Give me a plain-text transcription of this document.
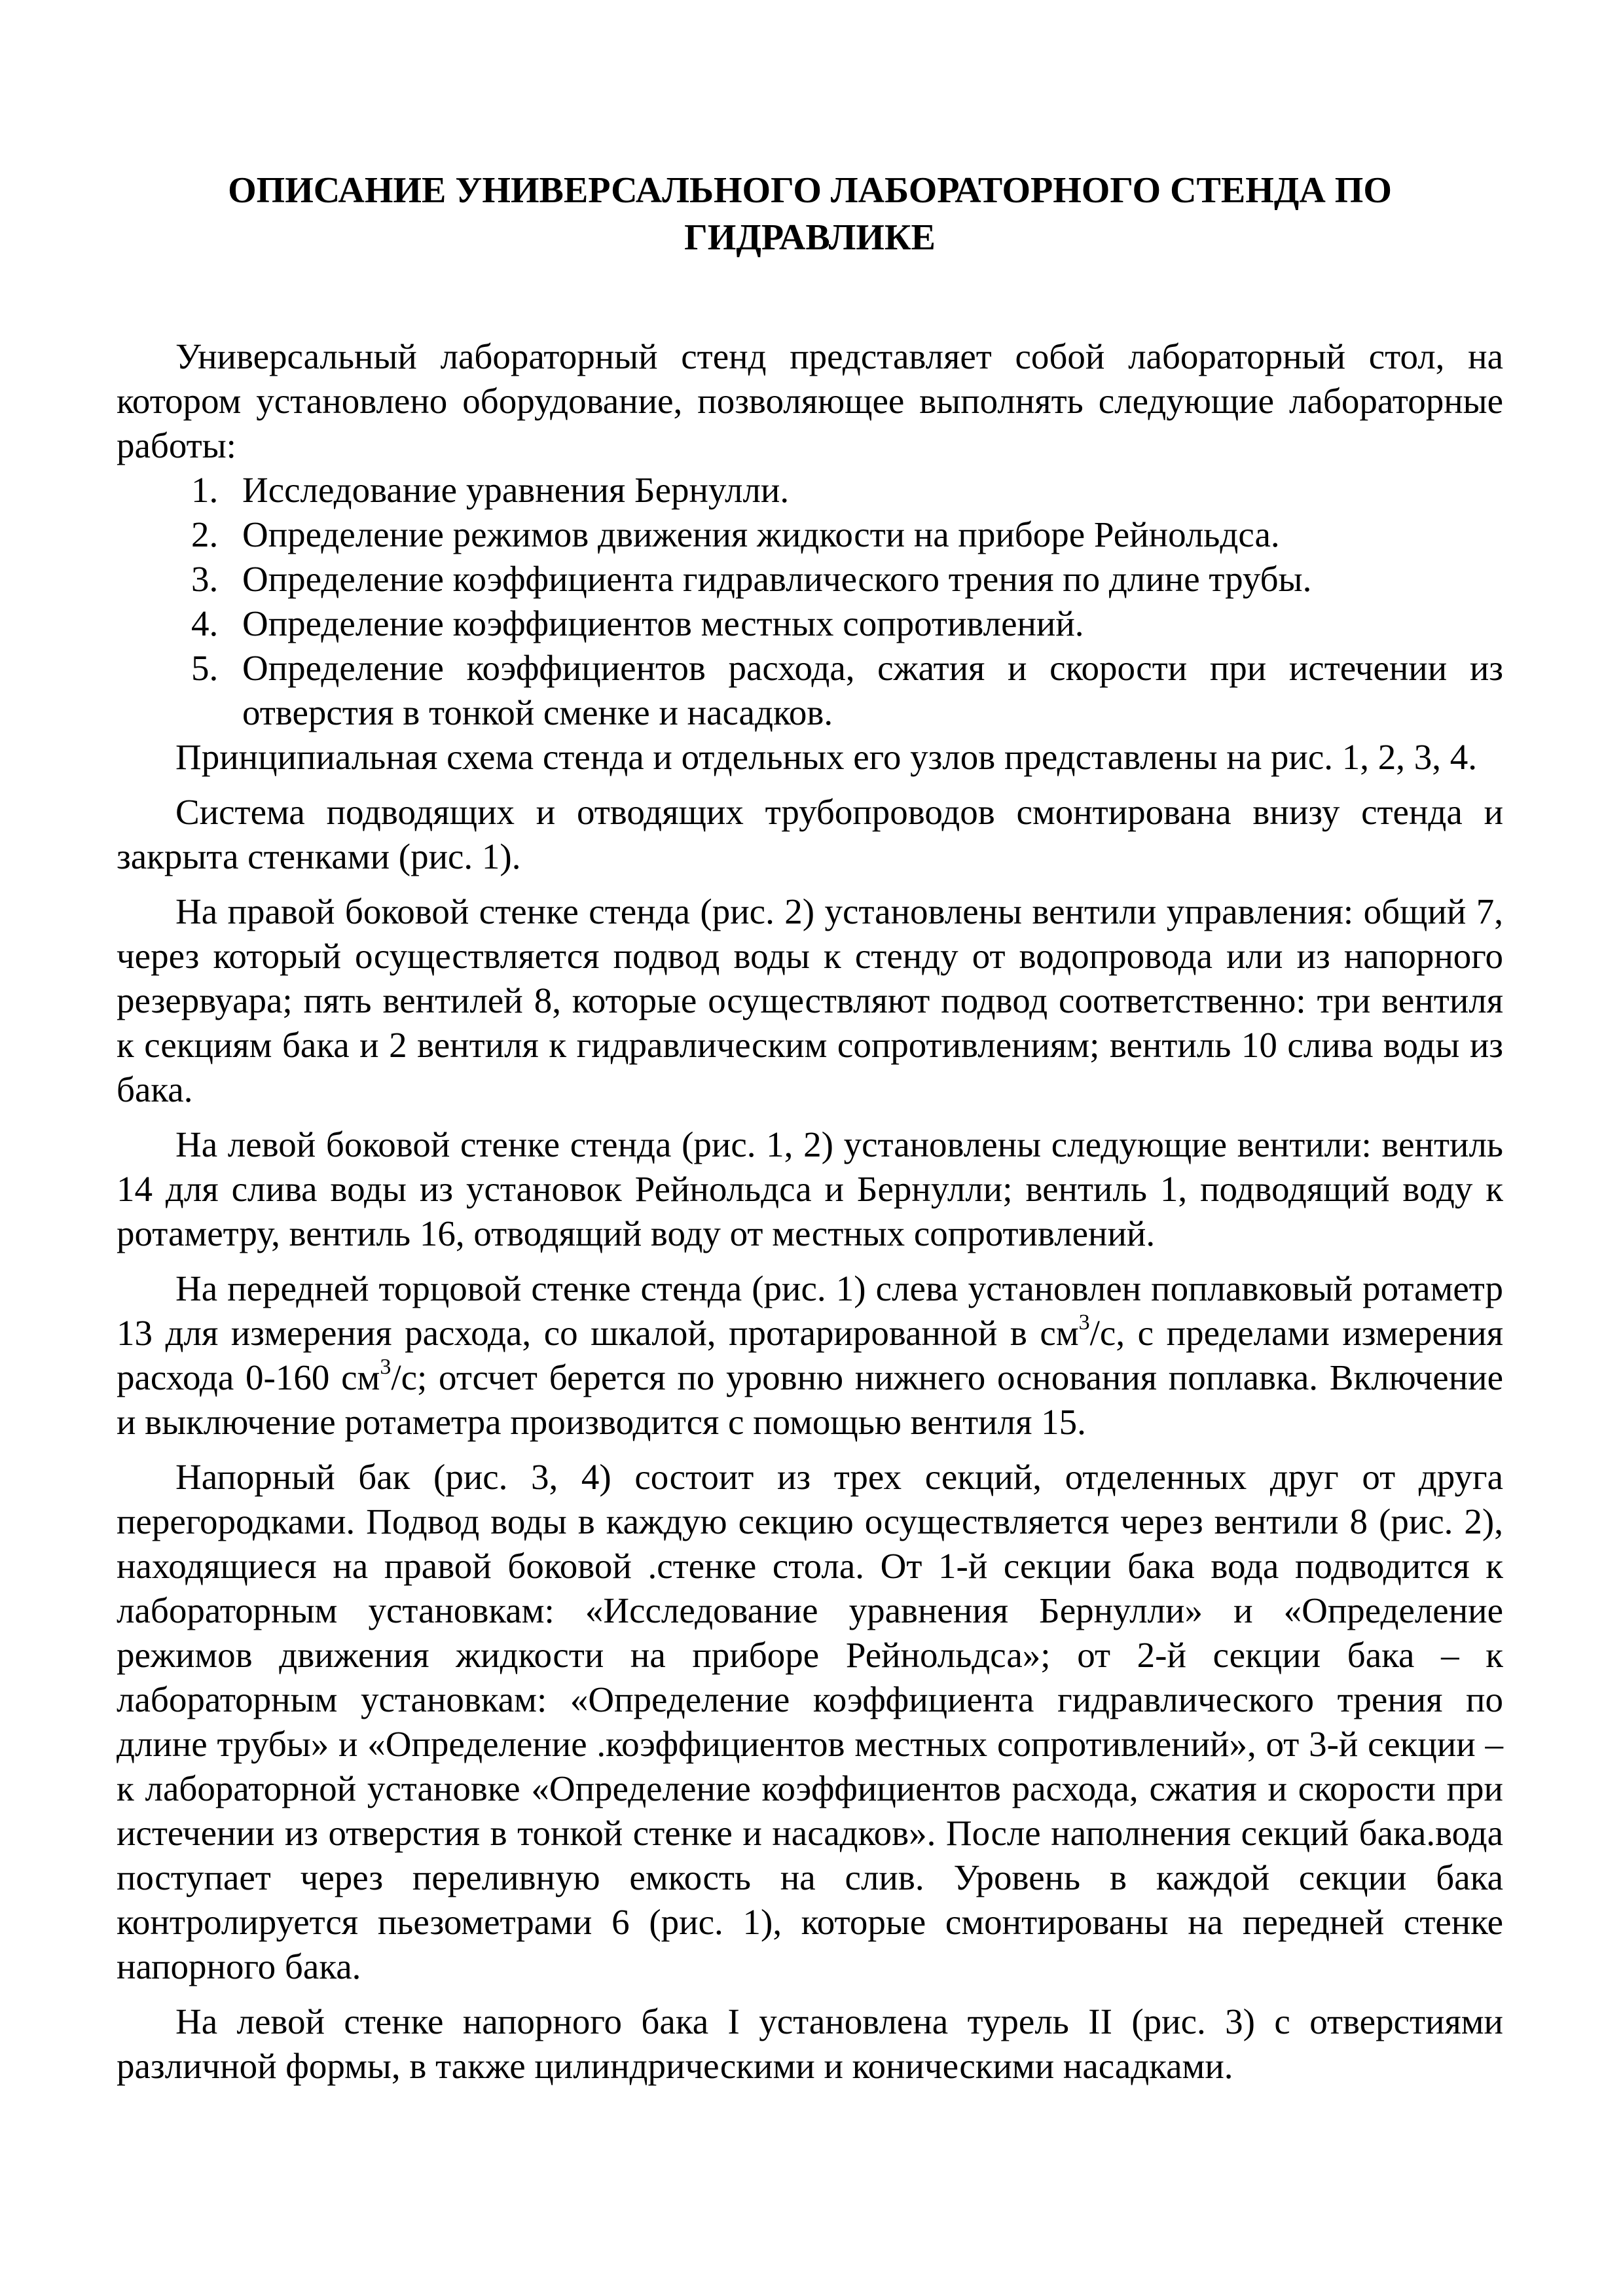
ОПИСАНИЕ УНИВЕРСАЛЬНОГО ЛАБОРАТОРНОГО СТЕНДА ПО
ГИДРАВЛИКЕ

Универсальный лабораторный стенд представляет собой лабораторный стол, на котором установлено оборудование, позволяющее выполнять следующие лабораторные работы:

1. Исследование уравнения Бернулли.
2. Определение режимов движения жидкости на приборе Рейнольдса.
3. Определение коэффициента гидравлического трения по длине трубы.
4. Определение коэффициентов местных сопротивлений.
5. Определение коэффициентов расхода, сжатия и скорости при истечении из отверстия в тонкой сменке и насадков.

Принципиальная схема стенда и отдельных его узлов представлены на рис. 1, 2, 3, 4.

Система подводящих и отводящих трубопроводов смонтирована внизу стенда и закрыта стенками (рис. 1).

На правой боковой стенке стенда (рис. 2) установлены вентили управления: общий 7, через который осуществляется подвод воды к стенду от водопровода или из напорного резервуара; пять вентилей 8, которые осуществляют подвод соответственно: три вентиля к секциям бака и 2 вентиля к гидравлическим сопротивлениям; вентиль 10 слива воды из бака.

На левой боковой стенке стенда (рис. 1, 2) установлены следующие вентили: вентиль 14 для слива воды из установок Рейнольдса и Бернулли; вентиль 1, подводящий воду к ротаметру, вентиль 16, отводящий воду от местных сопротивлений.

На передней торцовой стенке стенда (рис. 1) слева установлен поплавковый ротаметр 13 для измерения расхода, со шкалой, протарированной в $см^3/с$, с пределами измерения расхода 0-160 $см^3/с$; отсчет берется по уровню нижнего основания поплавка. Включение и выключение ротаметра производится с помощью вентиля 15.

Напорный бак (рис. 3, 4) состоит из трех секций, отделенных друг от друга перегородками. Подвод воды в каждую секцию осуществляется через вентили 8 (рис. 2), находящиеся на правой боковой .стенке стола. От 1-й секции бака вода подводится к лабораторным установкам: «Исследование уравнения Бернулли» и «Определение режимов движения жидкости на приборе Рейнольдса»; от 2-й секции бака – к лабораторным установкам: «Определение коэффициента гидравлического трения по длине трубы» и «Определение .коэффициентов местных сопротивлений», от 3-й секции – к лабораторной установке «Определение коэффициентов расхода, сжатия и скорости при истечении из отверстия в тонкой стенке и насадков». После наполнения секций бака.вода поступает через переливную емкость на слив. Уровень в каждой секции бака контролируется пьезометрами 6 (рис. 1), которые смонтированы на передней стенке напорного бака.

На левой стенке напорного бака I установлена турель II (рис. 3) с отверстиями различной формы, в также цилиндрическими и коническими насадками.
